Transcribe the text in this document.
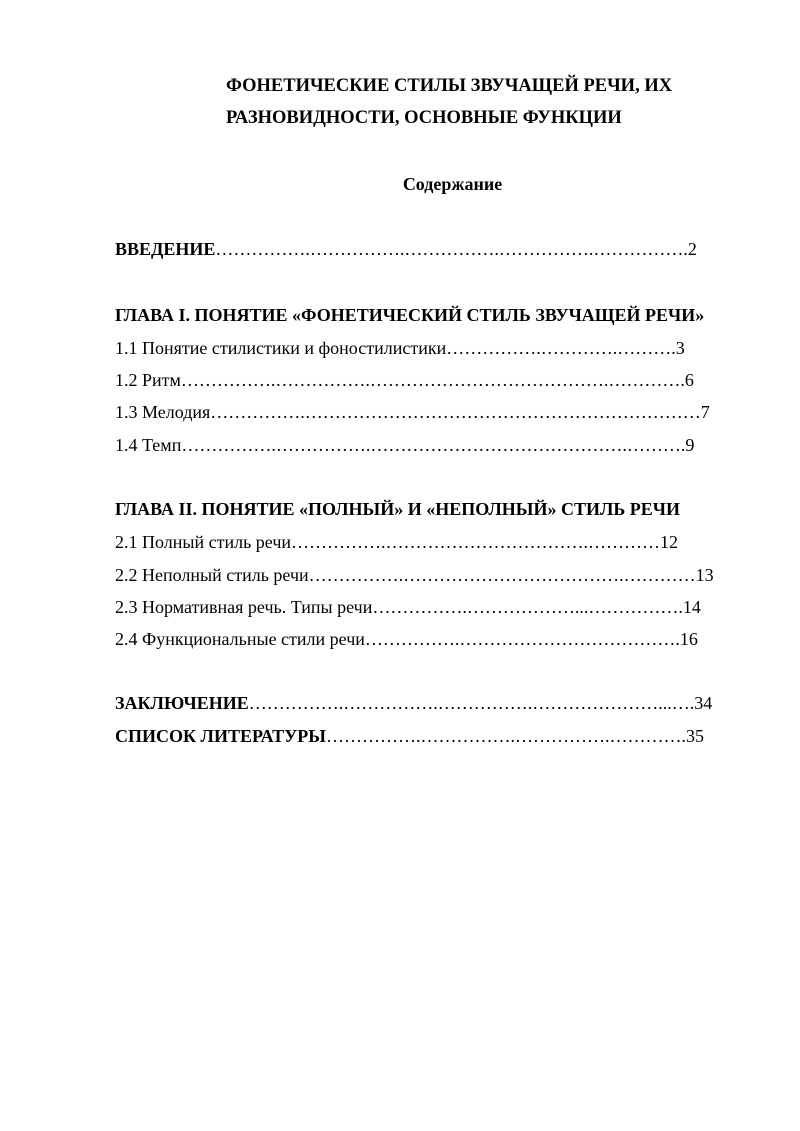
ФОНЕТИЧЕСКИЕ СТИЛЫ ЗВУЧАЩЕЙ РЕЧИ, ИХ
РАЗНОВИДНОСТИ, ОСНОВНЫЕ ФУНКЦИИ
Содержание
ВВЕДЕНИЕ…………….…………….…………….…………….…………….2
ГЛАВА I. ПОНЯТИЕ «ФОНЕТИЧЕСКИЙ СТИЛЬ ЗВУЧАЩЕЙ РЕЧИ»
1.1 Понятие стилистики и фоностилистики…………….………….……….3
1.2 Ритм…………….…………….………………………………….………….6
1.3 Мелодия…………….…………………………………………………………7
1.4 Темп…………….…………….…………………………………….……….9
ГЛАВА II. ПОНЯТИЕ «ПОЛНЫЙ» И «НЕПОЛНЫЙ» СТИЛЬ РЕЧИ
2.1 Полный стиль речи…………….…………………………….…………12
2.2 Неполный стиль речи…………….……………………………….…………13
2.3 Нормативная речь. Типы речи…………….………………...…………….14
2.4 Функциональные стили речи…………….……………………………….16
ЗАКЛЮЧЕНИЕ…………….…………….…………….…………………...….34
СПИСОК ЛИТЕРАТУРЫ…………….…………….…………….………….35
